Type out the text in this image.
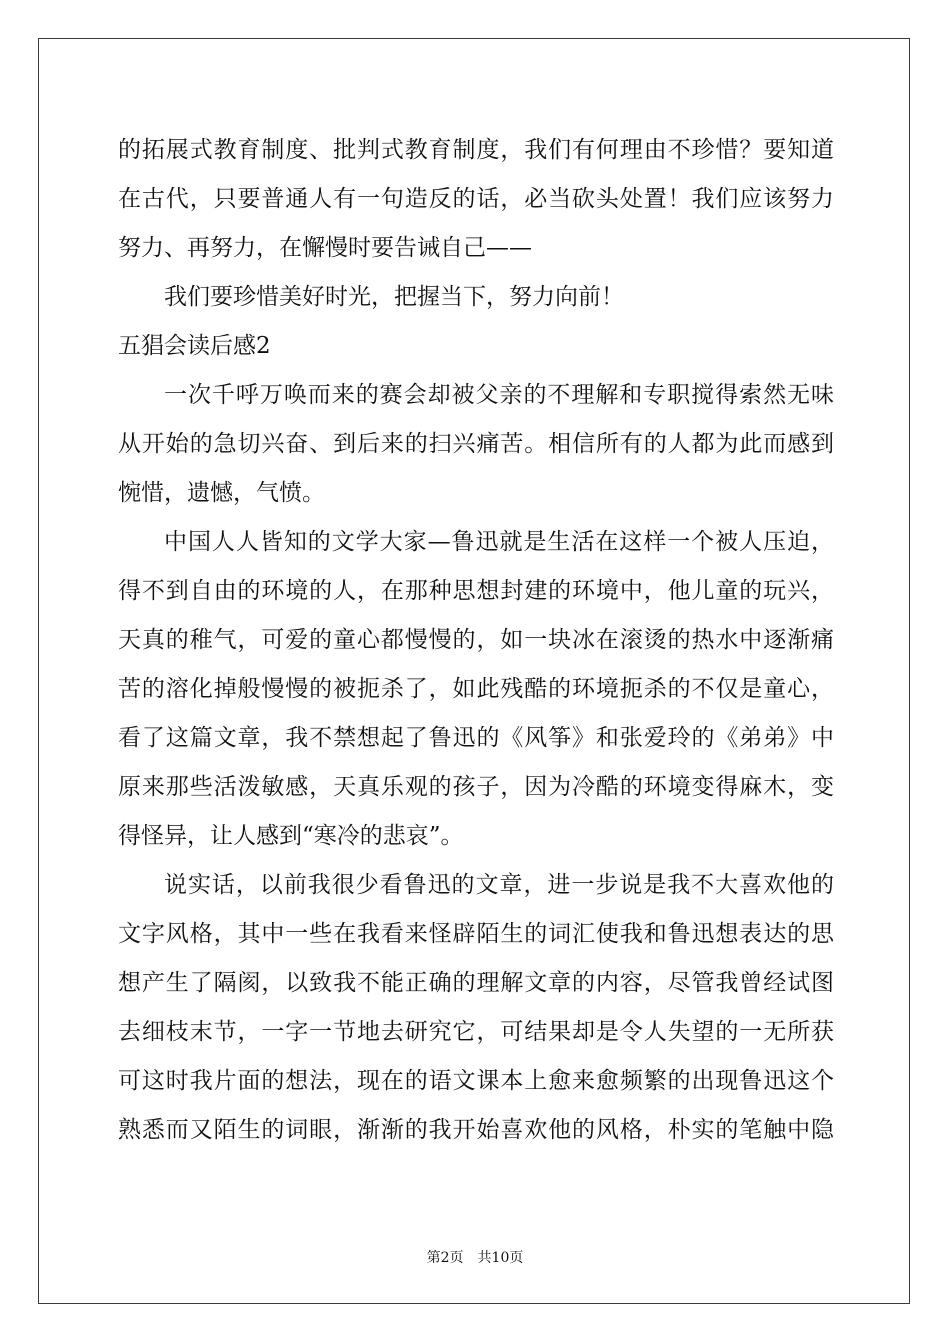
的拓展式教育制度、批判式教育制度，我们有何理由不珍惜？要知道
在古代，只要普通人有一句造反的话，必当砍头处置！我们应该努力
努力、再努力，在懈慢时要告诫自己——
我们要珍惜美好时光，把握当下，努力向前！
五猖会读后感2
一次千呼万唤而来的赛会却被父亲的不理解和专职搅得索然无味
从开始的急切兴奋、到后来的扫兴痛苦。相信所有的人都为此而感到
惋惜，遗憾，气愤。
中国人人皆知的文学大家—鲁迅就是生活在这样一个被人压迫，
得不到自由的环境的人，在那种思想封建的环境中，他儿童的玩兴，
天真的稚气，可爱的童心都慢慢的，如一块冰在滚烫的热水中逐渐痛
苦的溶化掉般慢慢的被扼杀了，如此残酷的环境扼杀的不仅是童心，
看了这篇文章，我不禁想起了鲁迅的《风筝》和张爱玲的《弟弟》中
原来那些活泼敏感，天真乐观的孩子，因为冷酷的环境变得麻木，变
得怪异，让人感到“寒冷的悲哀”。
说实话，以前我很少看鲁迅的文章，进一步说是我不大喜欢他的
文字风格，其中一些在我看来怪辟陌生的词汇使我和鲁迅想表达的思
想产生了隔阂，以致我不能正确的理解文章的内容，尽管我曾经试图
去细枝末节，一字一节地去研究它，可结果却是令人失望的一无所获
可这时我片面的想法，现在的语文课本上愈来愈频繁的出现鲁迅这个
熟悉而又陌生的词眼，渐渐的我开始喜欢他的风格，朴实的笔触中隐
第2页　共10页
